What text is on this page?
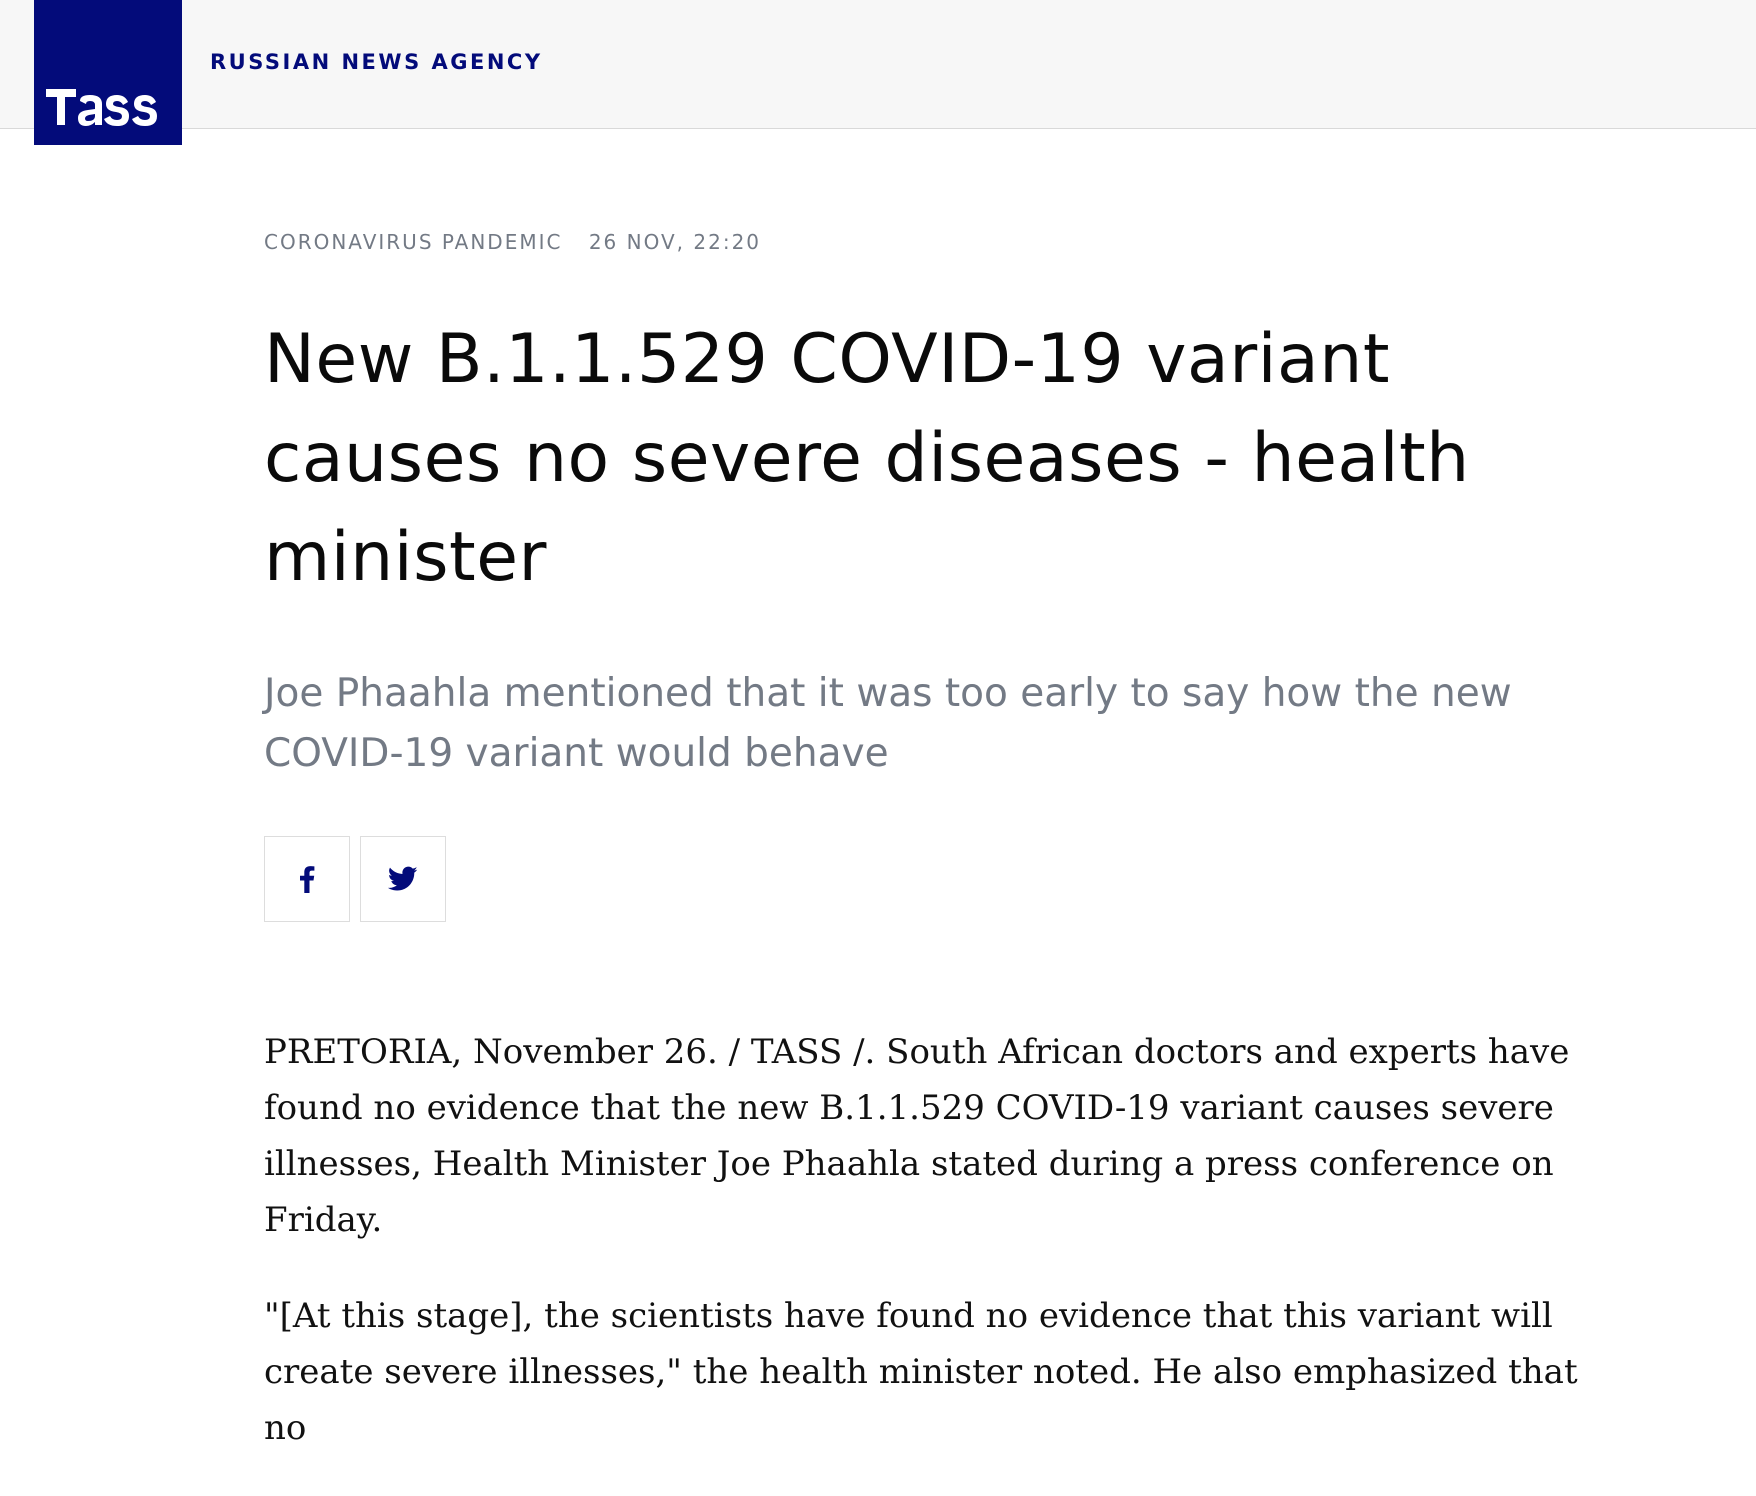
RUSSIAN NEWS AGENCY
CORONAVIRUS PANDEMIC 26 NOV, 22:20
New B.1.1.529 COVID-19 variant causes no severe diseases - health minister

Joe Phaahla mentioned that it was too early to say how the new COVID-19 variant would behave

PRETORIA, November 26. / TASS /. South African doctors and experts have found no evidence that the new B.1.1.529 COVID-19 variant causes severe illnesses, Health Minister Joe Phaahla stated during a press conference on Friday.

"[At this stage], the scientists have found no evidence that this variant will create severe illnesses," the health minister noted. He also emphasized that no
